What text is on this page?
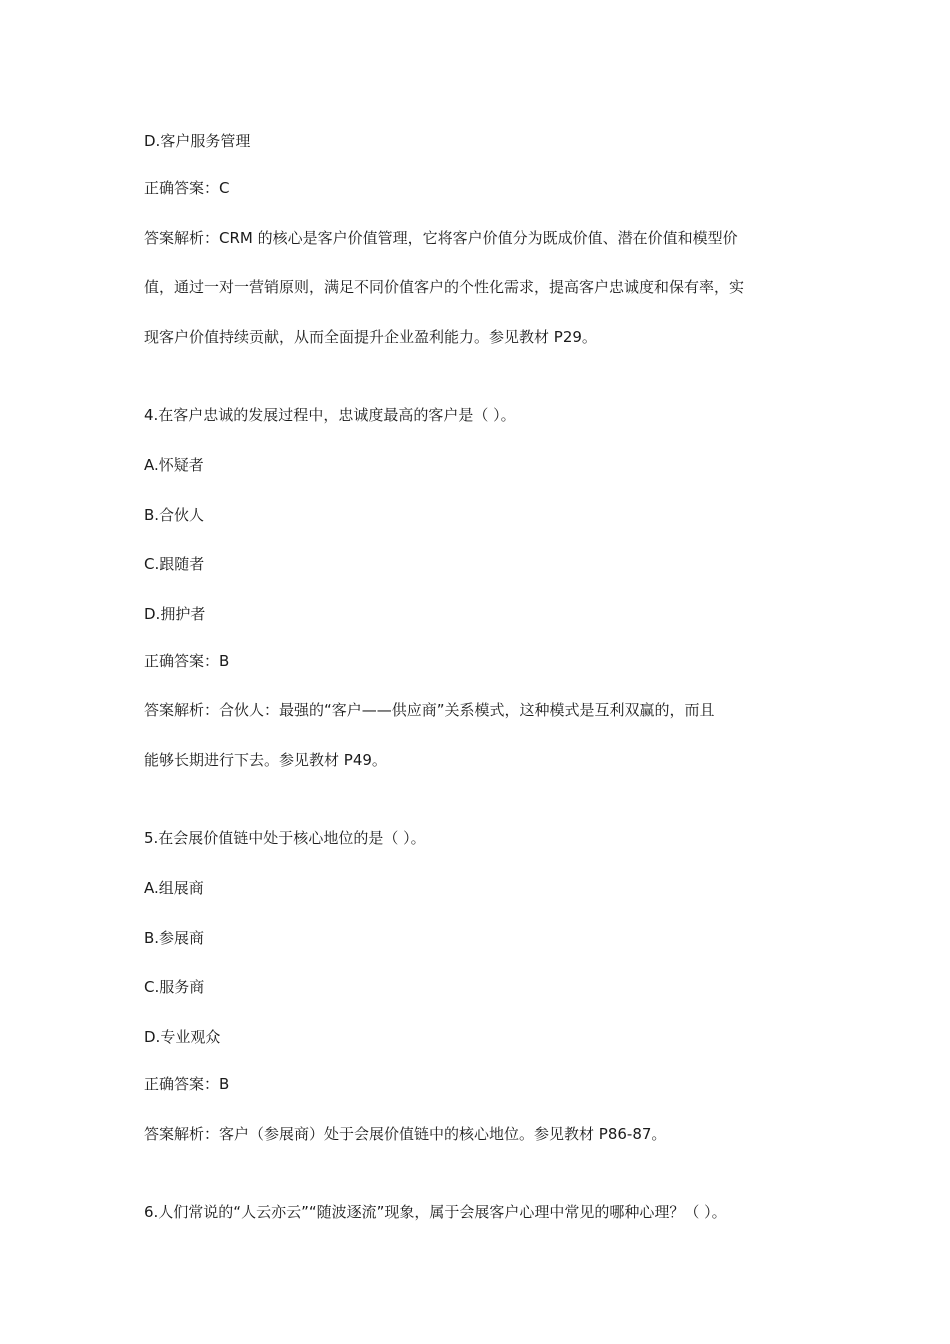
D.客户服务管理
正确答案：C
答案解析：CRM 的核心是客户价值管理，它将客户价值分为既成价值、潜在价值和模型价
值，通过一对一营销原则，满足不同价值客户的个性化需求，提高客户忠诚度和保有率，实
现客户价值持续贡献，从而全面提升企业盈利能力。参见教材 P29。
4.在客户忠诚的发展过程中，忠诚度最高的客户是（ ）。
A.怀疑者
B.合伙人
C.跟随者
D.拥护者
正确答案：B
答案解析：合伙人：最强的“客户——供应商”关系模式，这种模式是互利双赢的，而且
能够长期进行下去。参见教材 P49。
5.在会展价值链中处于核心地位的是（ ）。
A.组展商
B.参展商
C.服务商
D.专业观众
正确答案：B
答案解析：客户（参展商）处于会展价值链中的核心地位。参见教材 P86-87。
6.人们常说的“人云亦云”“随波逐流”现象，属于会展客户心理中常见的哪种心理？（ ）。
